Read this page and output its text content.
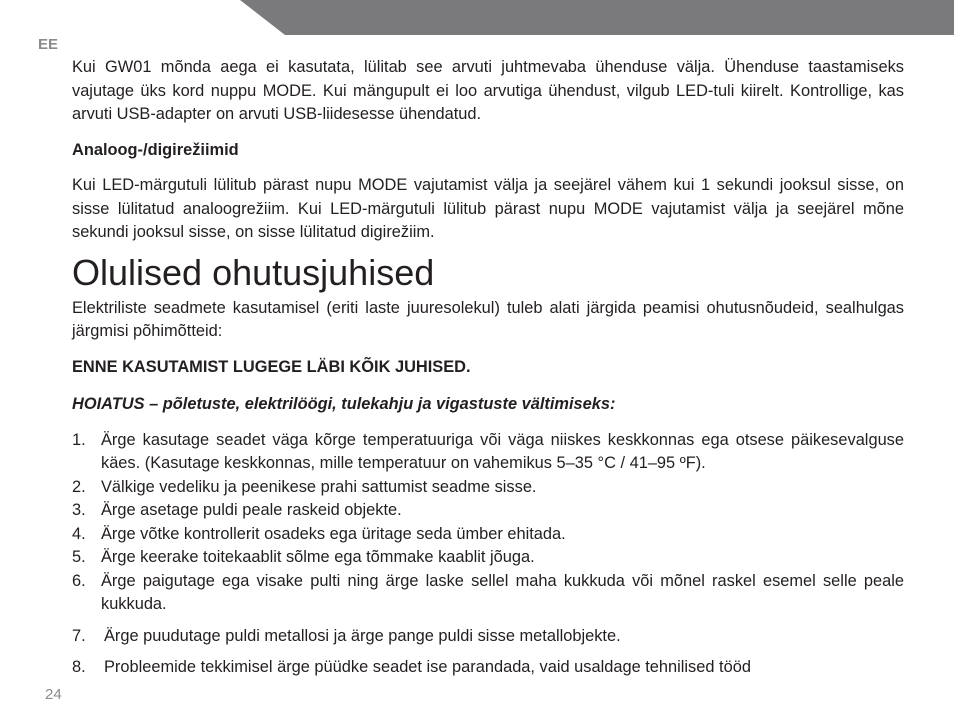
EE

Kui GW01 mõnda aega ei kasutata, lülitab see arvuti juhtmevaba ühenduse välja. Ühenduse taastamiseks vajutage üks kord nuppu MODE. Kui mängupult ei loo arvutiga ühendust, vilgub LED-tuli kiirelt. Kontrollige, kas arvuti USB-adapter on arvuti USB-liidesesse ühendatud.

Analoog-/digirežiimid

Kui LED-märgutuli lülitub pärast nupu MODE vajutamist välja ja seejärel vähem kui 1 sekundi jooksul sisse, on sisse lülitatud analoogrežiim. Kui LED-märgutuli lülitub pärast nupu MODE vajutamist välja ja seejärel mõne sekundi jooksul sisse, on sisse lülitatud digirežiim.

Olulised ohutusjuhised

Elektriliste seadmete kasutamisel (eriti laste juuresolekul) tuleb alati järgida peamisi ohutusnõudeid, sealhulgas järgmisi põhimõtteid:

ENNE KASUTAMIST LUGEGE LÄBI KÕIK JUHISED.

HOIATUS – põletuste, elektrilöögi, tulekahju ja vigastuste vältimiseks:

1. Ärge kasutage seadet väga kõrge temperatuuriga või väga niiskes keskkonnas ega otsese päikesevalguse käes. (Kasutage keskkonnas, mille temperatuur on vahemikus 5–35 °C / 41–95 ºF).
2. Välkige vedeliku ja peenikese prahi sattumist seadme sisse.
3. Ärge asetage puldi peale raskeid objekte.
4. Ärge võtke kontrollerit osadeks ega üritage seda ümber ehitada.
5. Ärge keerake toitekaablit sõlme ega tõmmake kaablit jõuga.
6. Ärge paigutage ega visake pulti ning ärge laske sellel maha kukkuda või mõnel raskel esemel selle peale kukkuda.
7. Ärge puudutage puldi metallosi ja ärge pange puldi sisse metallobjekte.
8. Probleemide tekkimisel ärge püüdke seadet ise parandada, vaid usaldage tehnilised tööd
24
